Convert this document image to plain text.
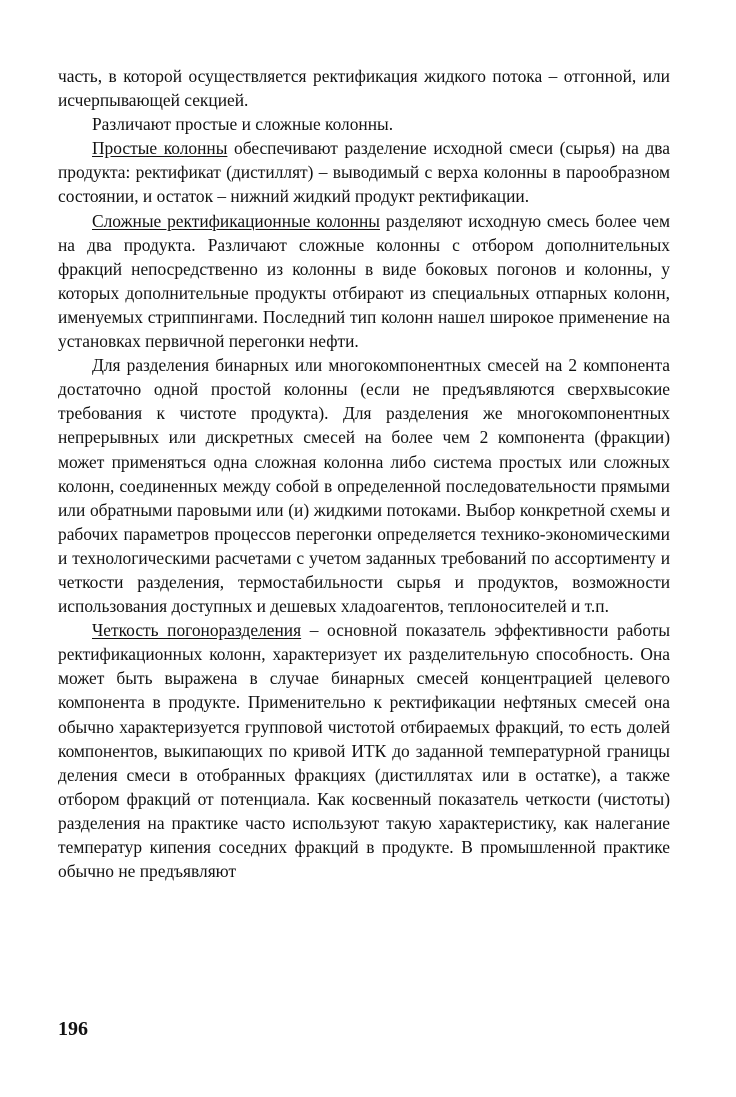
часть, в которой осуществляется ректификация жидкого потока – отгонной, или исчерпывающей секцией.

Различают простые и сложные колонны.

Простые колонны обеспечивают разделение исходной смеси (сырья) на два продукта: ректификат (дистиллят) – выводимый с верха колонны в парообразном состоянии, и остаток – нижний жидкий продукт ректификации.

Сложные ректификационные колонны разделяют исходную смесь более чем на два продукта. Различают сложные колонны с отбором дополнительных фракций непосредственно из колонны в виде боковых погонов и колонны, у которых дополнительные продукты отбирают из специальных отпарных колонн, именуемых стриппингами. Последний тип колонн нашел широкое применение на установках первичной перегонки нефти.

Для разделения бинарных или многокомпонентных смесей на 2 компонента достаточно одной простой колонны (если не предъявляются сверхвысокие требования к чистоте продукта). Для разделения же многокомпонентных непрерывных или дискретных смесей на более чем 2 компонента (фракции) может применяться одна сложная колонна либо система простых или сложных колонн, соединенных между собой в определенной последовательности прямыми или обратными паровыми или (и) жидкими потоками. Выбор конкретной схемы и рабочих параметров процессов перегонки определяется технико-экономическими и технологическими расчетами с учетом заданных требований по ассортименту и четкости разделения, термостабильности сырья и продуктов, возможности использования доступных и дешевых хладоагентов, теплоносителей и т.п.

Четкость погоноразделения – основной показатель эффективности работы ректификационных колонн, характеризует их разделительную способность. Она может быть выражена в случае бинарных смесей концентрацией целевого компонента в продукте. Применительно к ректификации нефтяных смесей она обычно характеризуется групповой чистотой отбираемых фракций, то есть долей компонентов, выкипающих по кривой ИТК до заданной температурной границы деления смеси в отобранных фракциях (дистиллятах или в остатке), а также отбором фракций от потенциала. Как косвенный показатель четкости (чистоты) разделения на практике часто используют такую характеристику, как налегание температур кипения соседних фракций в продукте. В промышленной практике обычно не предъявляют

196
